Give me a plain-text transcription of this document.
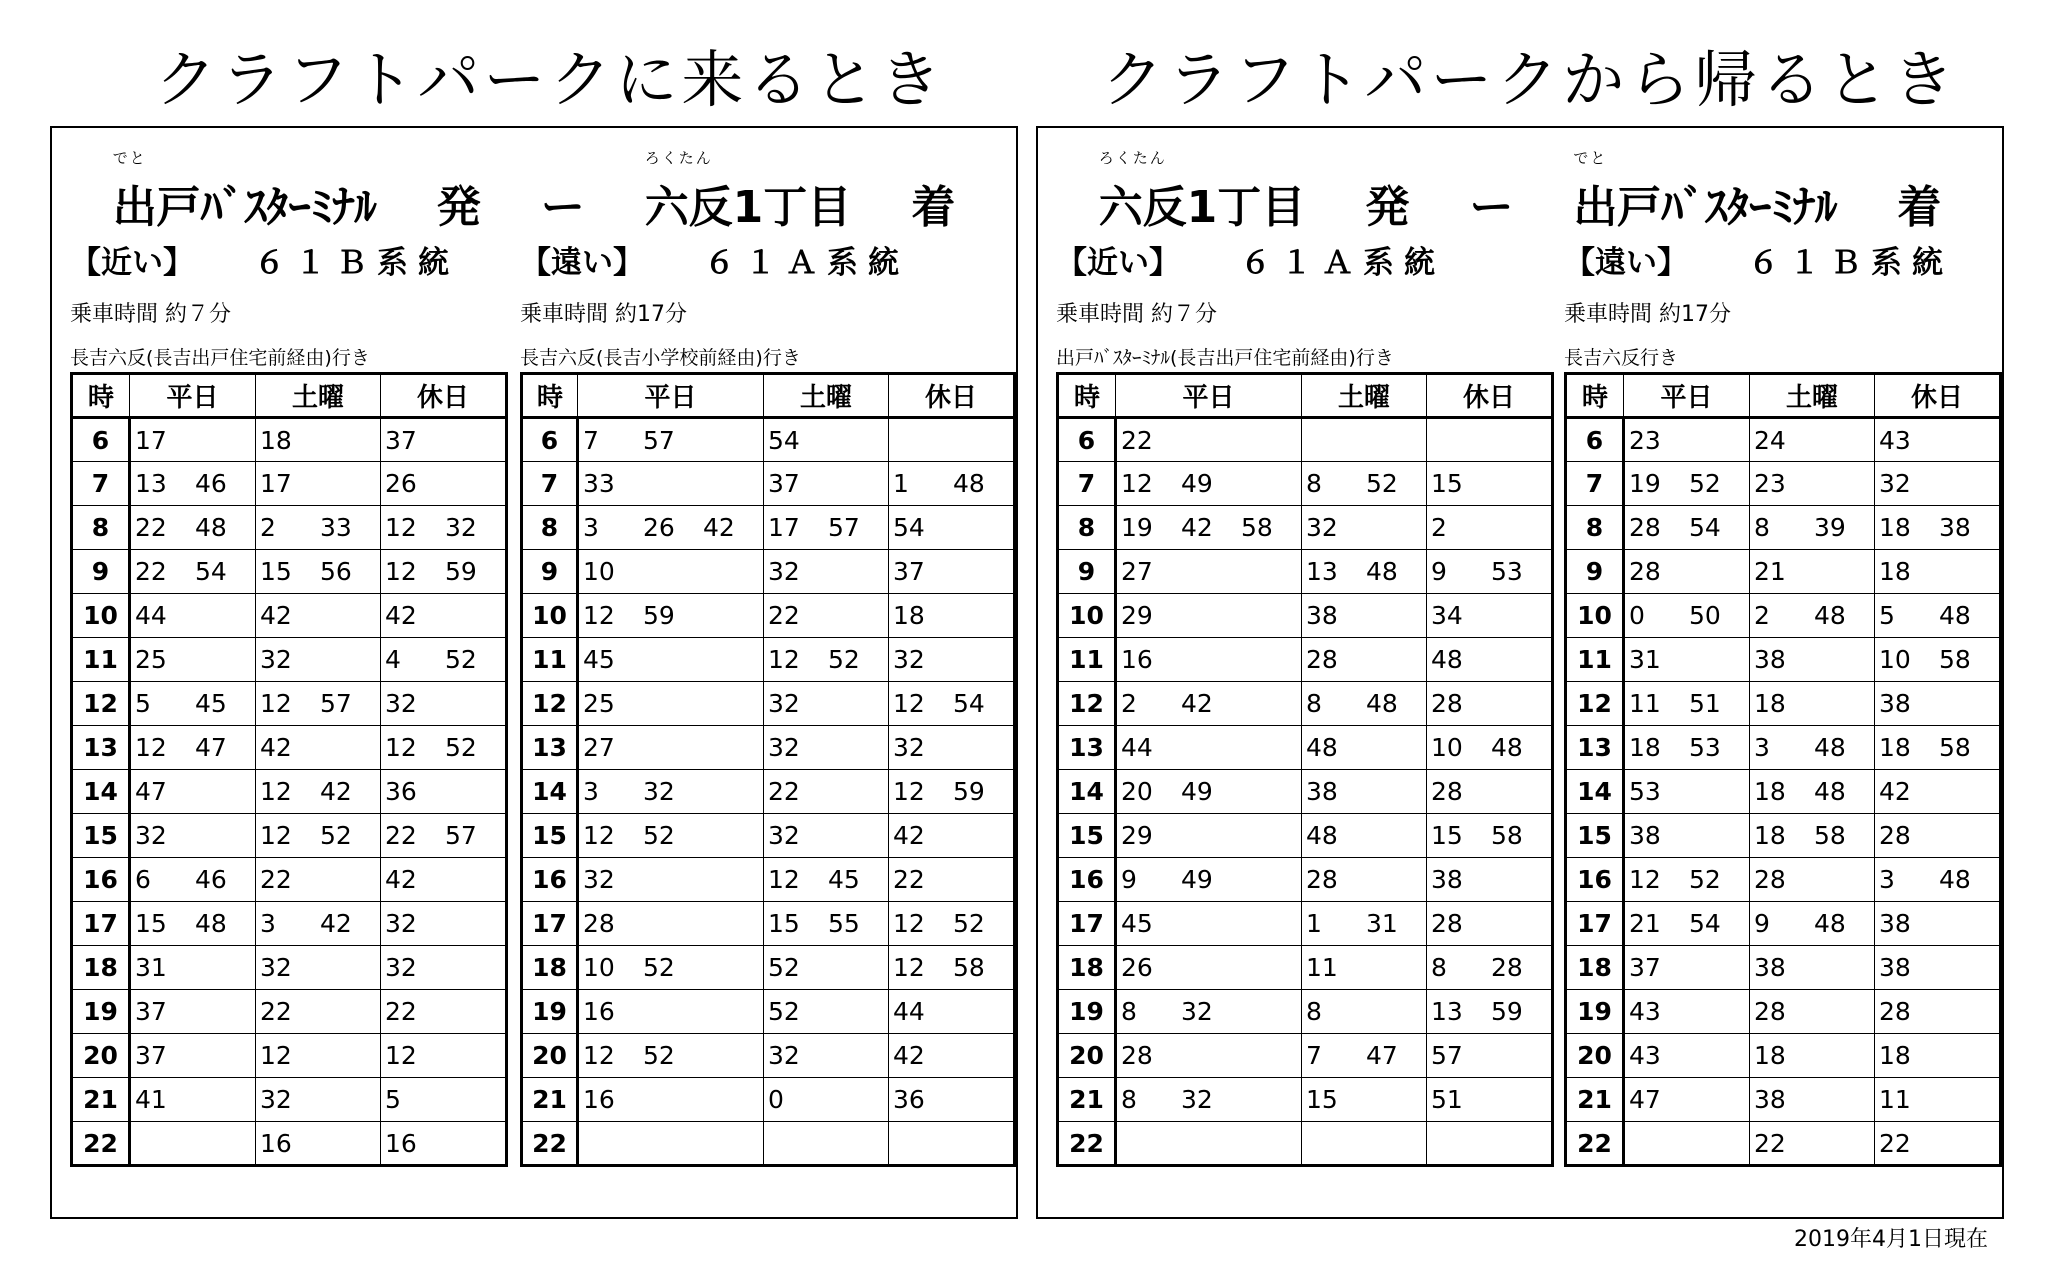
クラフトパークに来るとき	クラフトパークから帰るとき
でと
出戸ﾊﾞｽﾀｰﾐﾅﾙ 発 ー
ろくたん
六反1丁目 着
【近い】 ６１Ｂ系統
乗車時間 約７分
長吉六反(長吉出戸住宅前経由)行き
時	平日	土曜	休日
6	17	18	37
7	13 46	17	26
8	22 48	2 33	12 32
9	22 54	15 56	12 59
10	44	42	42
11	25	32	4 52
12	5 45	12 57	32
13	12 47	42	12 52
14	47	12 42	36
15	32	12 52	22 57
16	6 46	22	42
17	15 48	3 42	32
18	31	32	32
19	37	22	22
20	37	12	12
21	41	32	5
22		16	16
【遠い】 ６１Ａ系統
乗車時間 約17分
長吉六反(長吉小学校前経由)行き
時	平日	土曜	休日
6	7 57	54	
7	33	37	1 48
8	3 26 42	17 57	54
9	10	32	37
10	12 59	22	18
11	45	12 52	32
12	25	32	12 54
13	27	32	32
14	3 32	22	12 59
15	12 52	32	42
16	32	12 45	22
17	28	15 55	12 52
18	10 52	52	12 58
19	16	52	44
20	12 52	32	42
21	16	0	36
22			
ろくたん
六反1丁目 発 ー
でと
出戸ﾊﾞｽﾀｰﾐﾅﾙ 着
【近い】 ６１Ａ系統
乗車時間 約７分
出戸ﾊﾞｽﾀｰﾐﾅﾙ(長吉出戸住宅前経由)行き
時	平日	土曜	休日
6	22		
7	12 49	8 52	15
8	19 42 58	32	2
9	27	13 48	9 53
10	29	38	34
11	16	28	48
12	2 42	8 48	28
13	44	48	10 48
14	20 49	38	28
15	29	48	15 58
16	9 49	28	38
17	45	1 31	28
18	26	11	8 28
19	8 32	8	13 59
20	28	7 47	57
21	8 32	15	51
22			
【遠い】 ６１Ｂ系統
乗車時間 約17分
長吉六反行き
時	平日	土曜	休日
6	23	24	43
7	19 52	23	32
8	28 54	8 39	18 38
9	28	21	18
10	0 50	2 48	5 48
11	31	38	10 58
12	11 51	18	38
13	18 53	3 48	18 58
14	53	18 48	42
15	38	18 58	28
16	12 52	28	3 48
17	21 54	9 48	38
18	37	38	38
19	43	28	28
20	43	18	18
21	47	38	11
22		22	22
2019年4月1日現在
